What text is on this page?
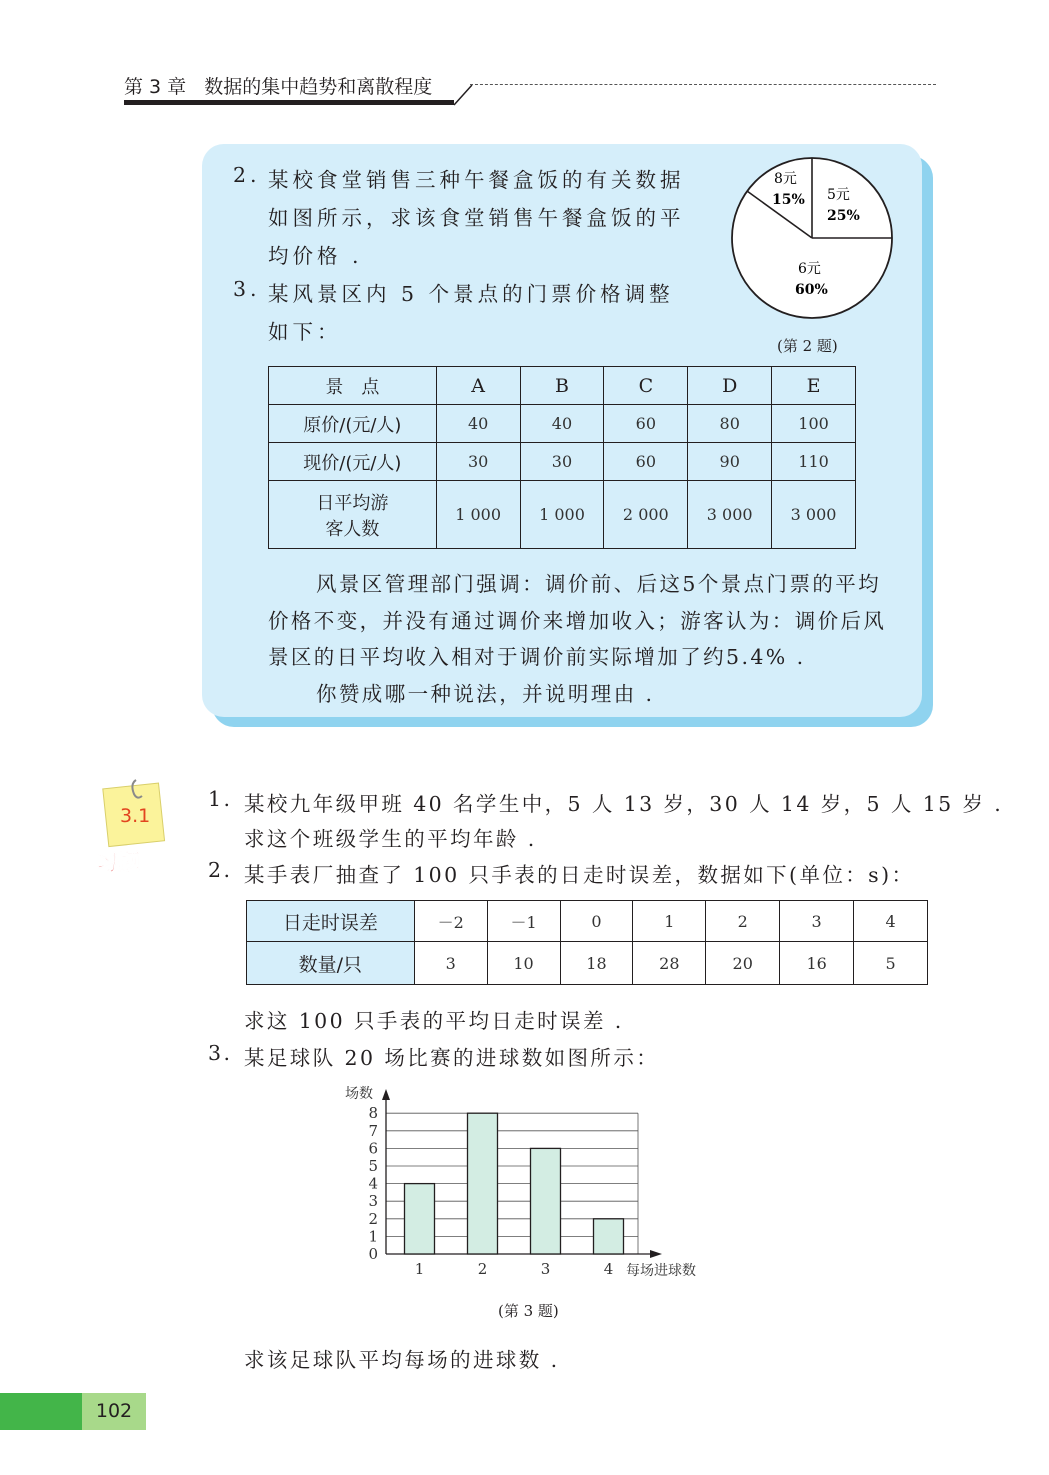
第 3 章   数据的集中趋势和离散程度
2. 某校食堂销售三种午餐盒饭的有关数据
如图所示，求该食堂销售午餐盒饭的平
均价格 .
3. 某风景区内 5 个景点的门票价格调整
如下：
5元
25%
6元
60%
8元
15%
(第 2 题)
景　点	A	B	C	D	E
原价/(元/人)	40	40	60	80	100
现价/(元/人)	30	30	60	90	110

日平均游
客人数	1 000	1 000	2 000	3 000	3 000
风景区管理部门强调：调价前、后这5个景点门票的平均
价格不变，并没有通过调价来增加收入；游客认为：调价后风
景区的日平均收入相对于调价前实际增加了约5.4% .
你赞成哪一种说法，并说明理由 .
3.1
习题
1. 某校九年级甲班 40 名学生中，5 人 13 岁，30 人 14 岁，5 人 15 岁 .
求这个班级学生的平均年龄 .
2. 某手表厂抽查了 100 只手表的日走时误差，数据如下(单位：s)：
日走时误差	－2	－1	0	1	2	3	4
数量/只	3	10	18	28	20	16	5
求这 100 只手表的平均日走时误差 .
3. 某足球队 20 场比赛的进球数如图所示：
0
1
2
3
4
5
6
7
8
1	2	3	4
场数
每场进球数
(第 3 题)
求该足球队平均每场的进球数 .
102
